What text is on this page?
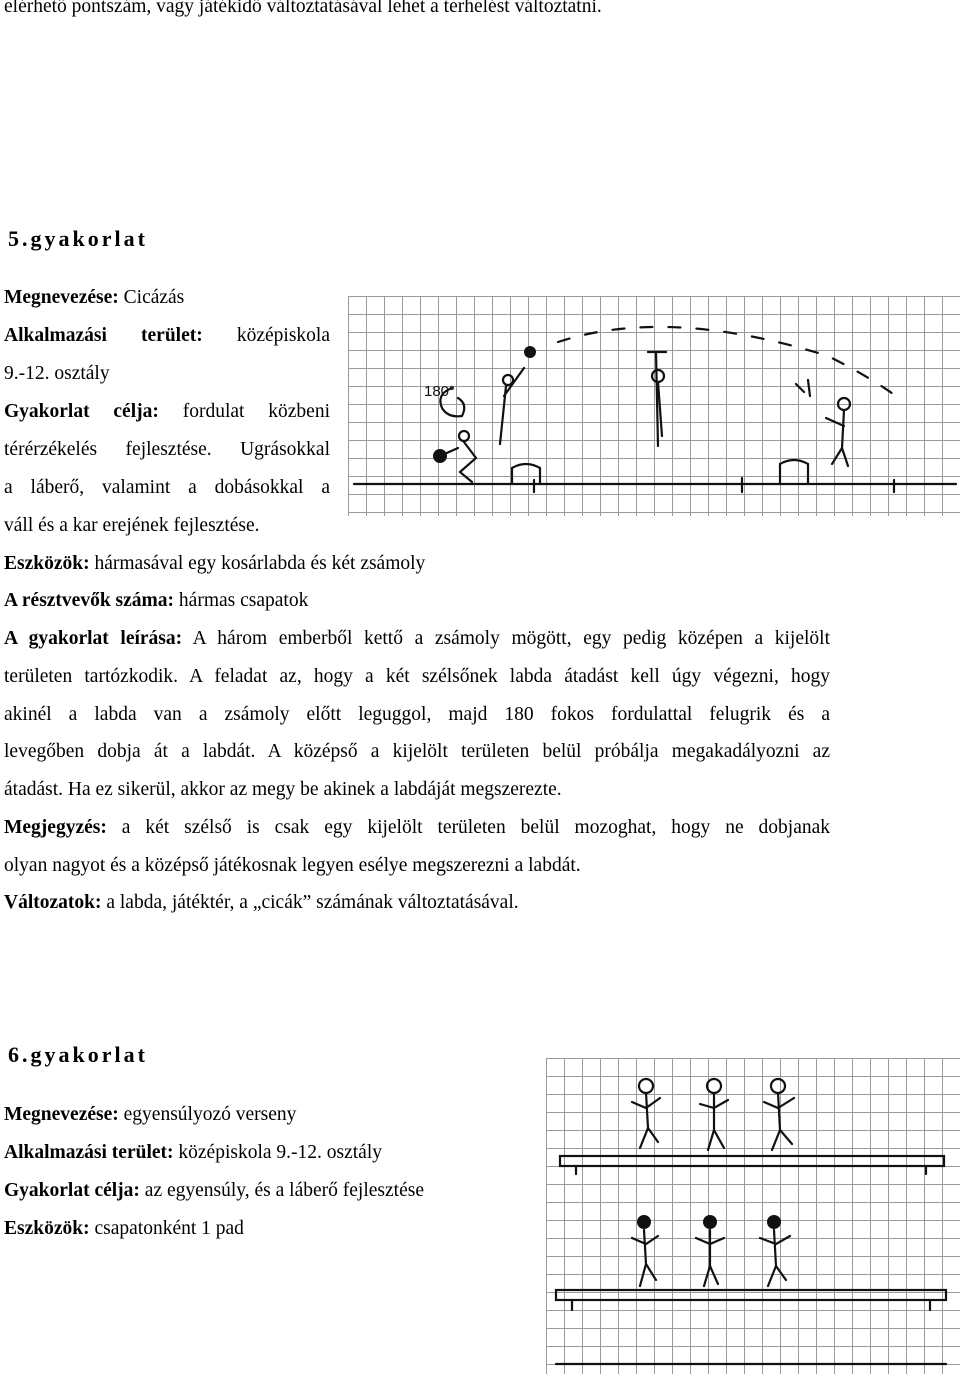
elérhető pontszám, vagy játékidő változtatásával lehet a terhelést változtatni.
5.gyakorlat
Megnevezése: Cicázás
Alkalmazási terület: középiskola
9.-12. osztály
Gyakorlat célja: fordulat közbeni
térérzékelés fejlesztése. Ugrásokkal
a láberő, valamint a dobásokkal a
váll és a kar erejének fejlesztése.
Eszközök: hármasával egy kosárlabda és két zsámoly
A résztvevők száma: hármas csapatok
A gyakorlat leírása: A három emberből kettő a zsámoly mögött, egy pedig középen a kijelölt
területen tartózkodik. A feladat az, hogy a két szélsőnek labda átadást kell úgy végezni, hogy
akinél a labda van a zsámoly előtt leguggol, majd 180 fokos fordulattal felugrik és a
levegőben dobja át a labdát. A középső a kijelölt területen belül próbálja megakadályozni az
átadást. Ha ez sikerül, akkor az megy be akinek a labdáját megszerezte.
Megjegyzés: a két szélső is csak egy kijelölt területen belül mozoghat, hogy ne dobjanak
olyan nagyot és a középső játékosnak legyen esélye megszerezni a labdát.
Változatok: a labda, játéktér, a „cicák” számának változtatásával.
180°
6.gyakorlat
Megnevezése: egyensúlyozó verseny
Alkalmazási terület: középiskola 9.-12. osztály
Gyakorlat célja: az egyensúly, és a láberő fejlesztése
Eszközök: csapatonként 1 pad
